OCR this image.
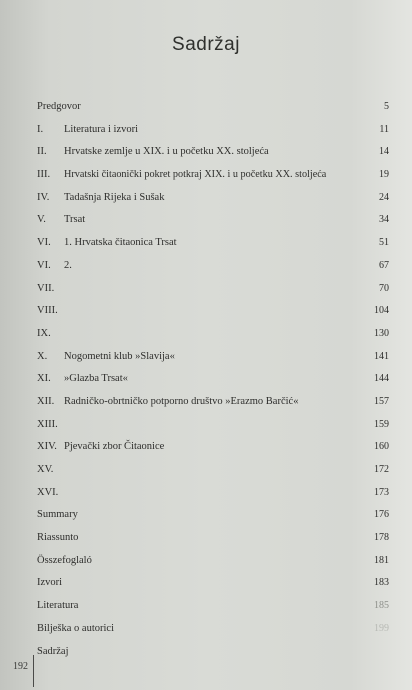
Sadržaj
Predgovor	5
I. Literatura i izvori	11
II. Hrvatske zemlje u XIX. i u početku XX. stoljeća	14
III. Hrvatski čitaonički pokret potkraj XIX. i u početku XX. stoljeća	19
IV. Tadašnja Rijeka i Sušak	24
V. Trsat	34
VI. 1. Hrvatska čitaonica Trsat	51
VI. 2.	67
VII.	70
VIII.	104
IX.	130
X. Nogometni klub »Slavija«	141
XI. »Glazba Trsat«	144
XII. Radničko-obrtničko potporno društvo »Erazmo Barčić«	157
XIII.	159
XIV. Pjevački zbor Čitaonice	160
XV.	172
XVI.	173
Summary	176
Riassunto	178
Összefoglaló	181
Izvori	183
Literatura	185
Bilješka o autorici	199
Sadržaj
192
